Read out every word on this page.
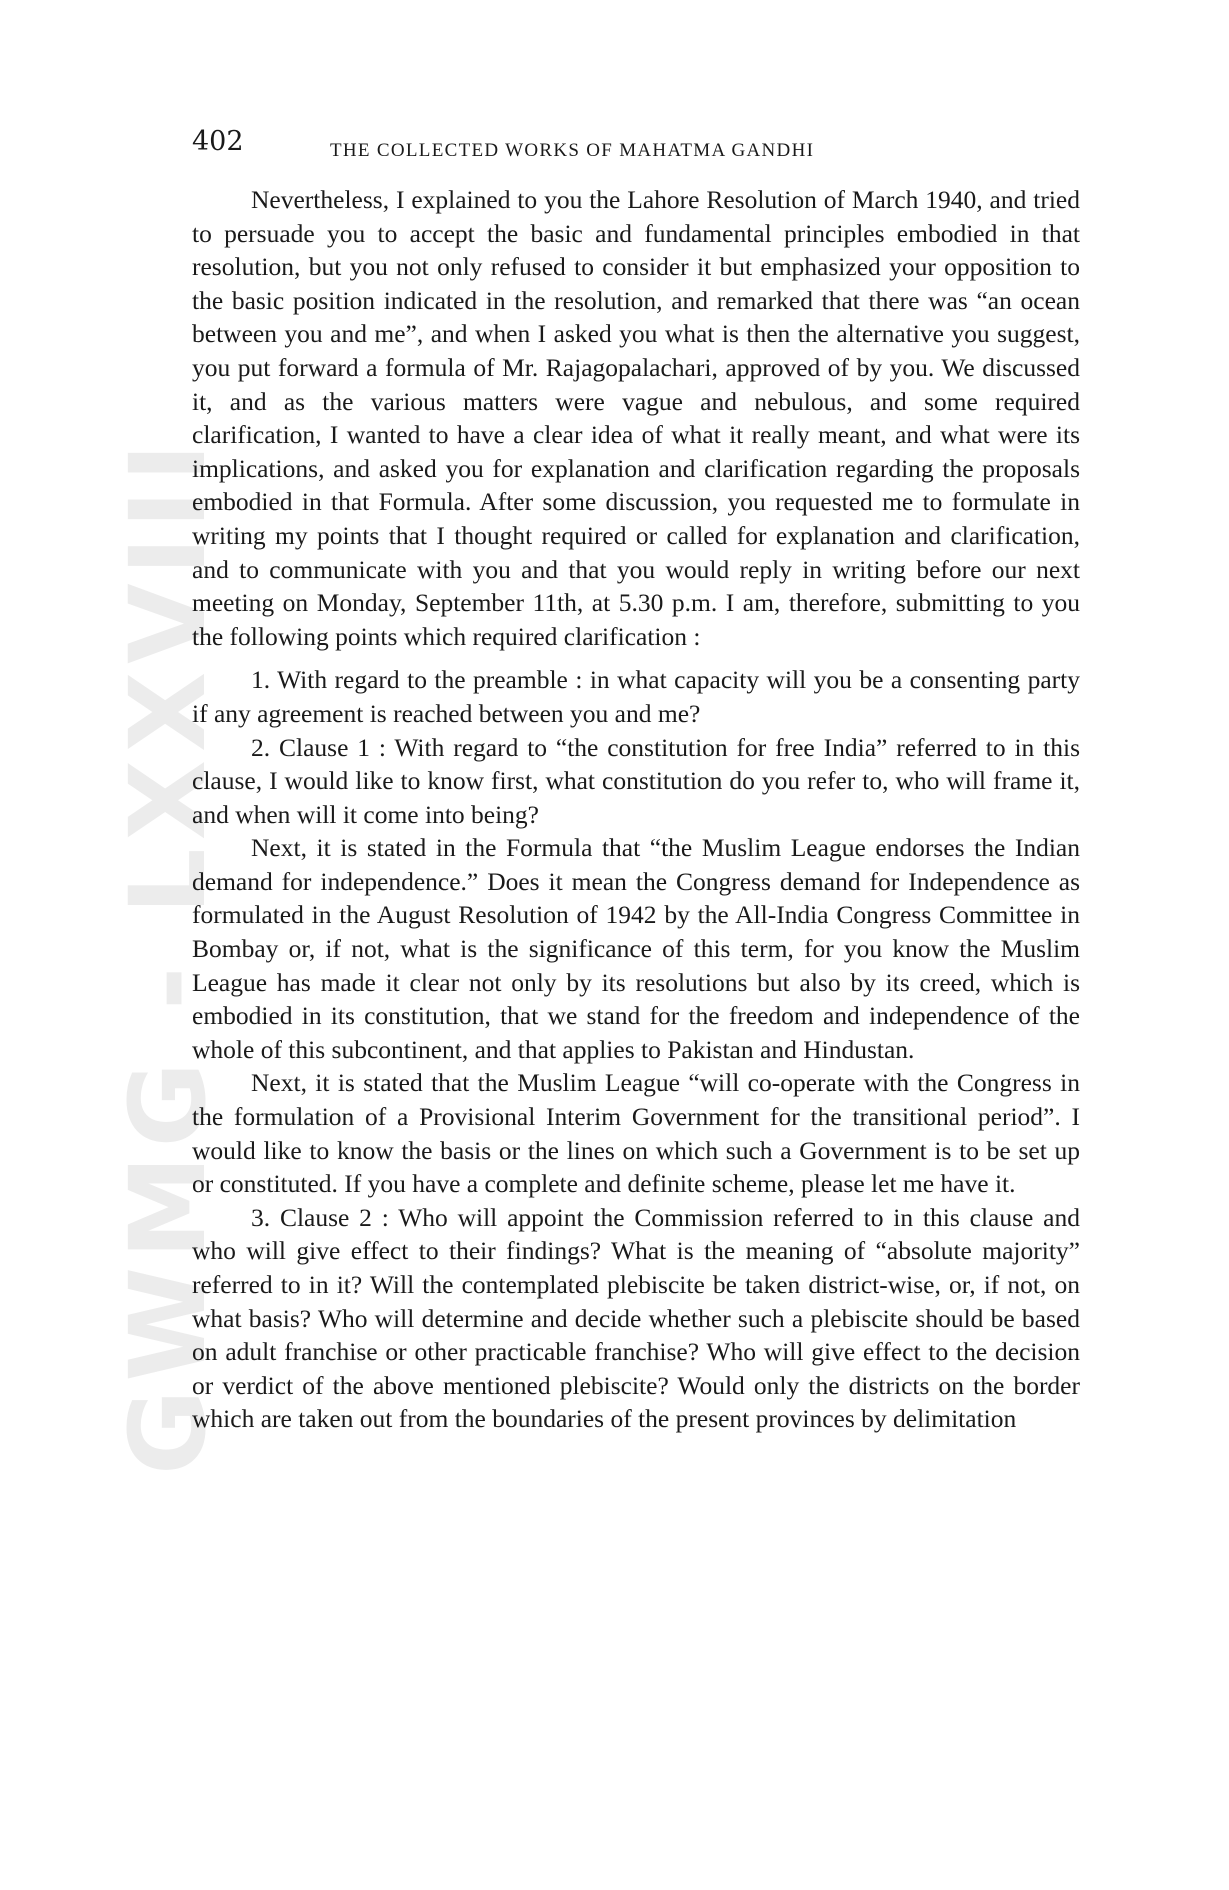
GWMG - LXXVIII
402	THE COLLECTED WORKS OF MAHATMA GANDHI

Nevertheless, I explained to you the Lahore Resolution of March 1940, and tried to persuade you to accept the basic and fundamental principles embodied in that resolution, but you not only refused to consider it but emphasized your opposition to the basic position indicated in the resolution, and remarked that there was “an ocean between you and me”, and when I asked you what is then the alternative you suggest, you put forward a formula of Mr. Rajagopalachari, approved of by you. We discussed it, and as the various matters were vague and nebulous, and some required clarification, I wanted to have a clear idea of what it really meant, and what were its implications, and asked you for explanation and clarification regarding the proposals embodied in that Formula. After some discussion, you requested me to formulate in writing my points that I thought required or called for explanation and clarification, and to communicate with you and that you would reply in writing before our next meeting on Monday, September 11th, at 5.30 p.m. I am, therefore, submitting to you the following points which required clarification :

1. With regard to the preamble : in what capacity will you be a consenting party if any agreement is reached between you and me?

2. Clause 1 : With regard to “the constitution for free India” referred to in this clause, I would like to know first, what constitution do you refer to, who will frame it, and when will it come into being?

Next, it is stated in the Formula that “the Muslim League endorses the Indian demand for independence.” Does it mean the Congress demand for Independence as formulated in the August Resolution of 1942 by the All-India Congress Committee in Bombay or, if not, what is the significance of this term, for you know the Muslim League has made it clear not only by its resolutions but also by its creed, which is embodied in its constitution, that we stand for the freedom and independence of the whole of this subcontinent, and that applies to Pakistan and Hindustan.

Next, it is stated that the Muslim League “will co-operate with the Congress in the formulation of a Provisional Interim Government for the transitional period”. I would like to know the basis or the lines on which such a Government is to be set up or constituted. If you have a complete and definite scheme, please let me have it.

3. Clause 2 : Who will appoint the Commission referred to in this clause and who will give effect to their findings? What is the meaning of “absolute majority” referred to in it? Will the contemplated plebiscite be taken district-wise, or, if not, on what basis? Who will determine and decide whether such a plebiscite should be based on adult franchise or other practicable franchise? Who will give effect to the decision or verdict of the above mentioned plebiscite? Would only the districts on the border which are taken out from the boundaries of the present provinces by delimitation
